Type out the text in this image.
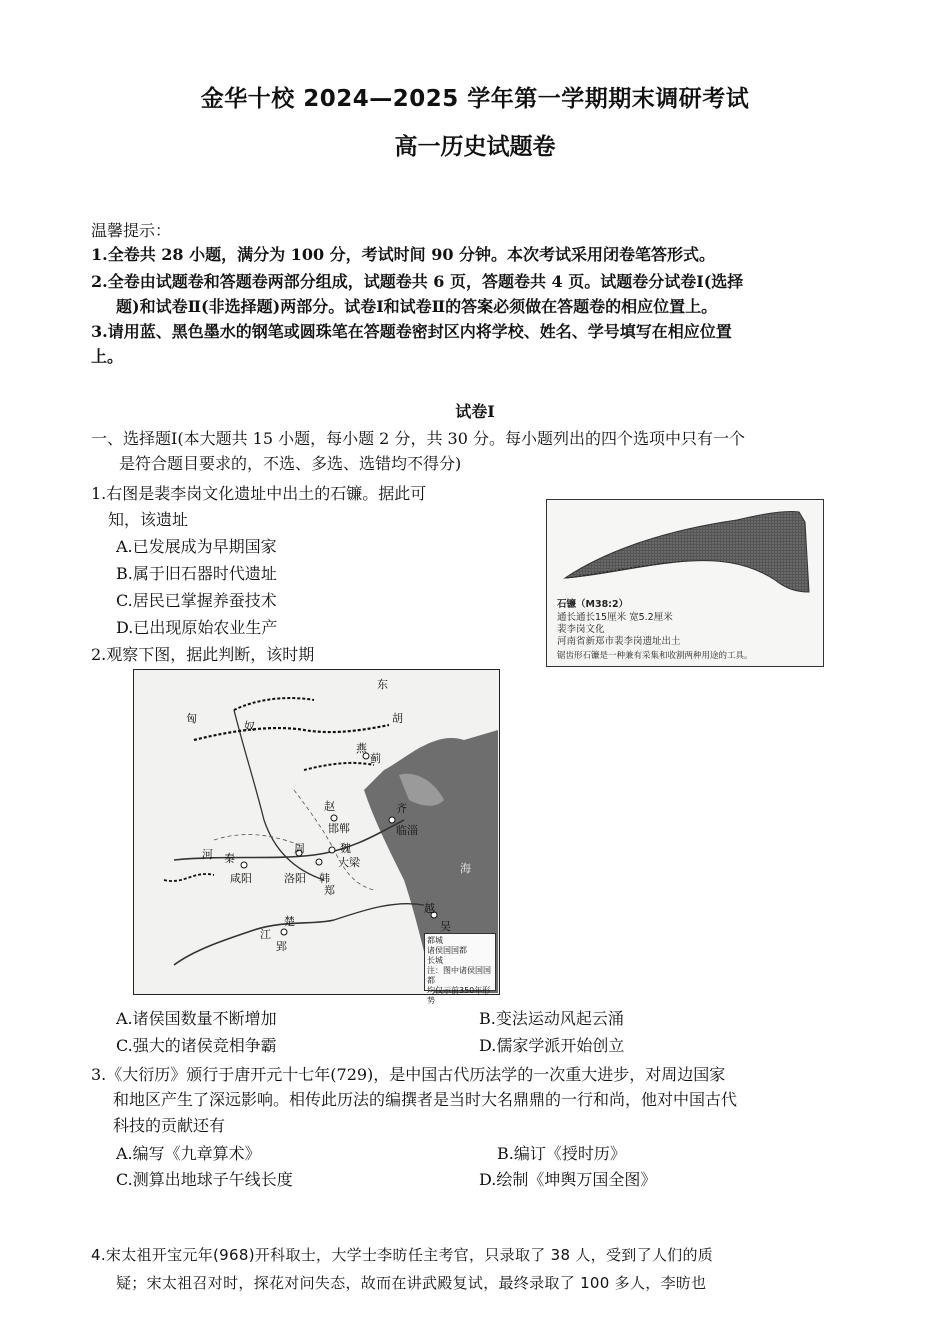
金华十校 2024—2025 学年第一学期期末调研考试
高一历史试题卷
温馨提示：
1.全卷共 28 小题，满分为 100 分，考试时间 90 分钟。本次考试采用闭卷笔答形式。
2.全卷由试题卷和答题卷两部分组成，试题卷共 6 页，答题卷共 4 页。试题卷分试卷Ⅰ(选择
题)和试卷Ⅱ(非选择题)两部分。试卷Ⅰ和试卷Ⅱ的答案必须做在答题卷的相应位置上。
3.请用蓝、黑色墨水的钢笔或圆珠笔在答题卷密封区内将学校、姓名、学号填写在相应位置
上。
试卷Ⅰ
一、选择题Ⅰ(本大题共 15 小题，每小题 2 分，共 30 分。每小题列出的四个选项中只有一个
是符合题目要求的，不选、多选、选错均不得分)
1.右图是裴李岗文化遗址中出土的石镰。据此可
知，该遗址
A.已发展成为早期国家
B.属于旧石器时代遗址
C.居民已掌握养蚕技术
D.已出现原始农业生产
石镰（M38:2）
通长通长15厘米 宽5.2厘米
裴李岗文化
河南省新郑市裴李岗遗址出土
锯齿形石镰是一种兼有采集和收割两种用途的工具。
2.观察下图，据此判断，该时期
匈
奴
东
胡
燕
蓟
赵
邯郸
齐
临淄
魏
大梁
秦
咸阳	韩
郑
洛阳
周
楚
郢
越
吴
海
江
河
都城
诸侯国国都
长城
注：图中诸侯国国都
均仅示前350年形势
A.诸侯国数量不断增加	B.变法运动风起云涌
C.强大的诸侯竞相争霸	D.儒家学派开始创立
3.《大衍历》颁行于唐开元十七年(729)，是中国古代历法学的一次重大进步，对周边国家
和地区产生了深远影响。相传此历法的编撰者是当时大名鼎鼎的一行和尚，他对中国古代
科技的贡献还有
A.编写《九章算术》	B.编订《授时历》
C.测算出地球子午线长度	D.绘制《坤舆万国全图》
4.宋太祖开宝元年(968)开科取士，大学士李昉任主考官，只录取了 38 人，受到了人们的质
疑；宋太祖召对时，探花对问失态，故而在讲武殿复试，最终录取了 100 多人，李昉也
